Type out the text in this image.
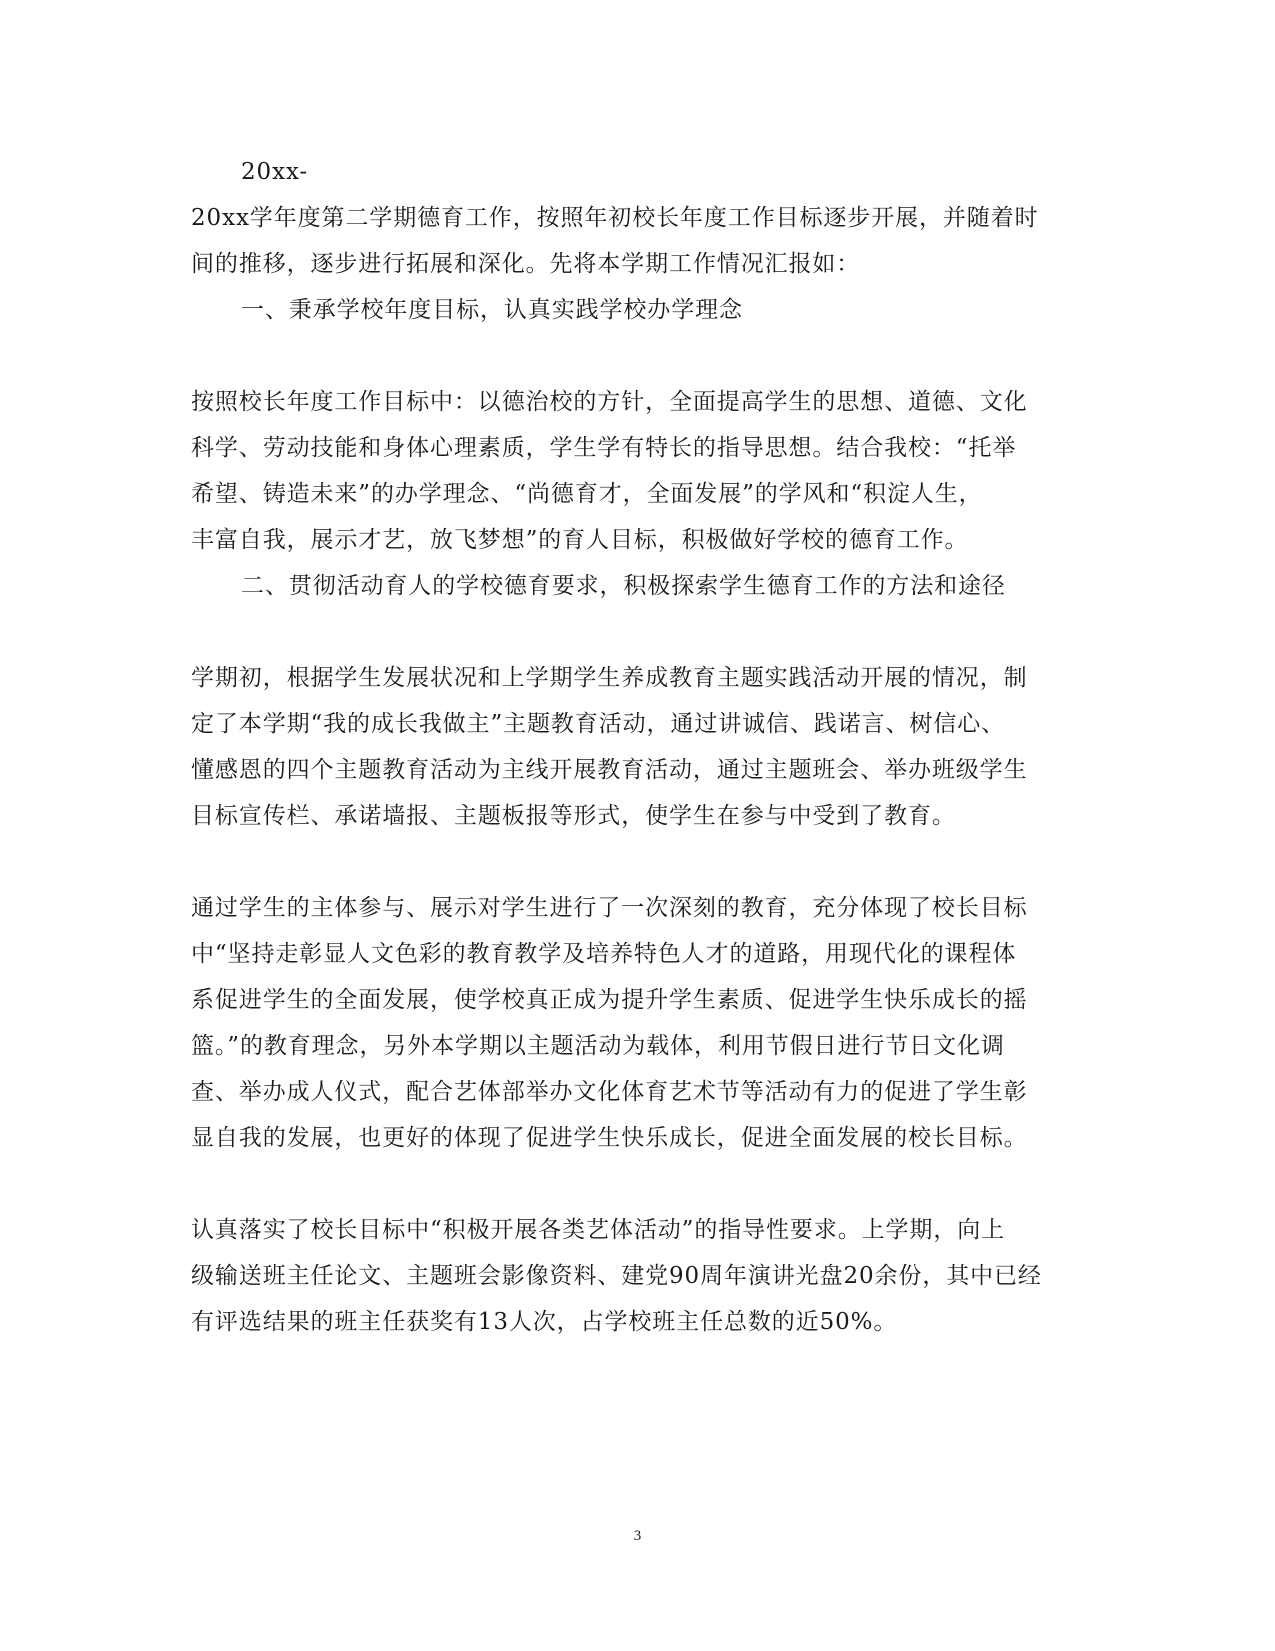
20xx-
20xx学年度第二学期德育工作，按照年初校长年度工作目标逐步开展，并随着时
间的推移，逐步进行拓展和深化。先将本学期工作情况汇报如：
一、秉承学校年度目标，认真实践学校办学理念
按照校长年度工作目标中：以德治校的方针，全面提高学生的思想、道德、文化
科学、劳动技能和身体心理素质，学生学有特长的指导思想。结合我校：“托举
希望、铸造未来”的办学理念、“尚德育才，全面发展”的学风和“积淀人生，
丰富自我，展示才艺，放飞梦想”的育人目标，积极做好学校的德育工作。
二、贯彻活动育人的学校德育要求，积极探索学生德育工作的方法和途径
学期初，根据学生发展状况和上学期学生养成教育主题实践活动开展的情况，制
定了本学期“我的成长我做主”主题教育活动，通过讲诚信、践诺言、树信心、
懂感恩的四个主题教育活动为主线开展教育活动，通过主题班会、举办班级学生
目标宣传栏、承诺墙报、主题板报等形式，使学生在参与中受到了教育。
通过学生的主体参与、展示对学生进行了一次深刻的教育，充分体现了校长目标
中“坚持走彰显人文色彩的教育教学及培养特色人才的道路，用现代化的课程体
系促进学生的全面发展，使学校真正成为提升学生素质、促进学生快乐成长的摇
篮。”的教育理念，另外本学期以主题活动为载体，利用节假日进行节日文化调
查、举办成人仪式，配合艺体部举办文化体育艺术节等活动有力的促进了学生彰
显自我的发展，也更好的体现了促进学生快乐成长，促进全面发展的校长目标。
认真落实了校长目标中“积极开展各类艺体活动”的指导性要求。上学期，向上
级输送班主任论文、主题班会影像资料、建党90周年演讲光盘20余份，其中已经
有评选结果的班主任获奖有13人次，占学校班主任总数的近50%。
3
